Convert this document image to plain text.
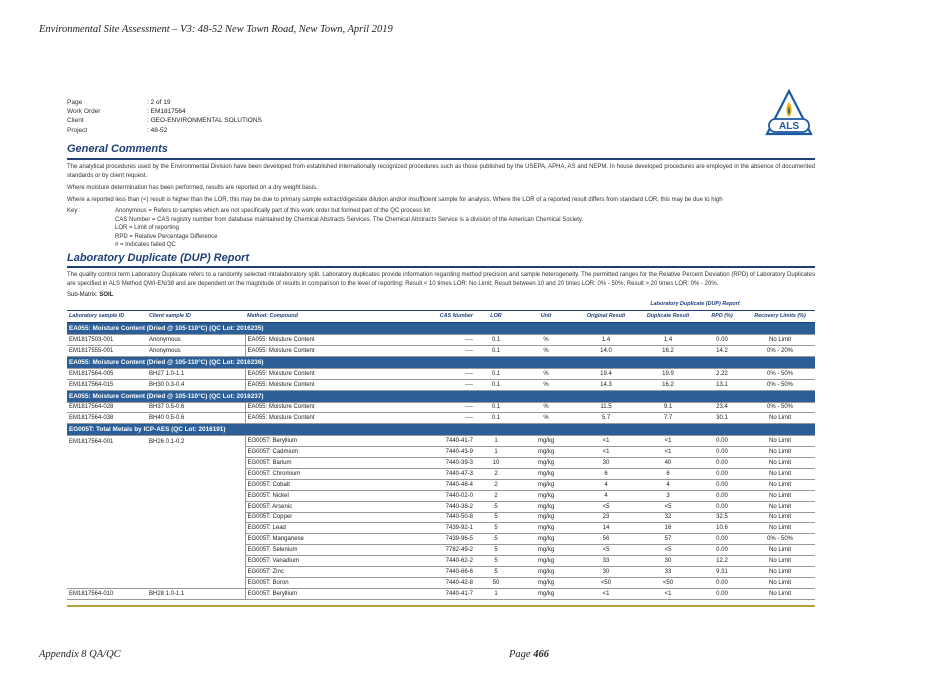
Environmental Site Assessment – V3: 48-52 New Town Road, New Town, April 2019
Page	: 2 of 19
Work Order	: EM1817564
Client	: GEO-ENVIRONMENTAL SOLUTIONS
Project	: 48-52	ALS
General Comments

The analytical procedures used by the Environmental Division have been developed from established internationally recognized procedures such as those published by the USEPA, APHA, AS and NEPM. In house developed procedures are employed in the absence of documented standards or by client request.

Where moisture determination has been performed, results are reported on a dry weight basis.

Where a reported less than (<) result is higher than the LOR, this may be due to primary sample extract/digestate dilution and/or insufficient sample for analysis. Where the LOR of a reported result differs from standard LOR, this may be due to high

Key :	Anonymous = Refers to samples which are not specifically part of this work order but formed part of the QC process lot
CAS Number = CAS registry number from database maintained by Chemical Abstracts Services. The Chemical Abstracts Service is a division of the American Chemical Society.
LOR = Limit of reporting
RPD = Relative Percentage Difference
# = Indicates failed QC
Laboratory Duplicate (DUP) Report

The quality control term Laboratory Duplicate refers to a randomly selected intralaboratory split. Laboratory duplicates provide information regarding method precision and sample heterogeneity. The permitted ranges for the Relative Percent Deviation (RPD) of Laboratory Duplicates are specified in ALS Method QWI-EN/38 and are dependent on the magnitude of results in comparison to the level of reporting: Result < 10 times LOR: No Limit; Result between 10 and 20 times LOR: 0% - 50%; Result > 20 times LOR: 0% - 20%.

Sub-Matrix: SOIL
						Laboratory Duplicate (DUP) Report			
Laboratory sample ID	Client sample ID	Method: Compound	CAS Number	LOR	Unit	Original Result	Duplicate Result	RPD (%)	Recovery Limits (%)
EA055: Moisture Content (Dried @ 105-110°C) (QC Lot: 2016235)									
EM1817503-001	Anonymous	EA055: Moisture Content	----	0.1	%	1.4	1.4	0.00	No Limit
EM1817555-001	Anonymous	EA055: Moisture Content	----	0.1	%	14.0	16.2	14.2	0% - 20%
EA055: Moisture Content (Dried @ 105-110°C) (QC Lot: 2016236)									
EM1817564-005	BH27 1.0-1.1	EA055: Moisture Content	----	0.1	%	19.4	19.9	2.22	0% - 50%
EM1817564-015	BH30 0.3-0.4	EA055: Moisture Content	----	0.1	%	14.3	16.2	13.1	0% - 50%
EA055: Moisture Content (Dried @ 105-110°C) (QC Lot: 2016237)									
EM1817564-028	BH37 0.5-0.6	EA055: Moisture Content	----	0.1	%	11.5	9.1	23.4	0% - 50%
EM1817564-038	BH40 0.5-0.6	EA055: Moisture Content	----	0.1	%	5.7	7.7	30.1	No Limit
EG005T: Total Metals by ICP-AES (QC Lot: 2016191)									
EM1817564-001	BH26 0.1-0.2	EG005T: Beryllium	7440-41-7	1	mg/kg	<1	<1	0.00	No Limit
		EG005T: Cadmium	7440-43-9	1	mg/kg	<1	<1	0.00	No Limit
		EG005T: Barium	7440-39-3	10	mg/kg	30	40	0.00	No Limit
		EG005T: Chromium	7440-47-3	2	mg/kg	6	6	0.00	No Limit
		EG005T: Cobalt	7440-48-4	2	mg/kg	4	4	0.00	No Limit
		EG005T: Nickel	7440-02-0	2	mg/kg	4	3	0.00	No Limit
		EG005T: Arsenic	7440-38-2	5	mg/kg	<5	<5	0.00	No Limit
		EG005T: Copper	7440-50-8	5	mg/kg	23	32	32.5	No Limit
		EG005T: Lead	7439-92-1	5	mg/kg	14	16	10.6	No Limit
		EG005T: Manganese	7439-96-5	5	mg/kg	56	57	0.00	0% - 50%
		EG005T: Selenium	7782-49-2	5	mg/kg	<5	<5	0.00	No Limit
		EG005T: Vanadium	7440-62-2	5	mg/kg	33	30	12.2	No Limit
		EG005T: Zinc	7440-66-6	5	mg/kg	30	33	9.31	No Limit
		EG005T: Boron	7440-42-8	50	mg/kg	<50	<50	0.00	No Limit
EM1817564-010	BH28 1.0-1.1	EG005T: Beryllium	7440-41-7	1	mg/kg	<1	<1	0.00	No Limit
Appendix 8 QA/QC	Page 466
